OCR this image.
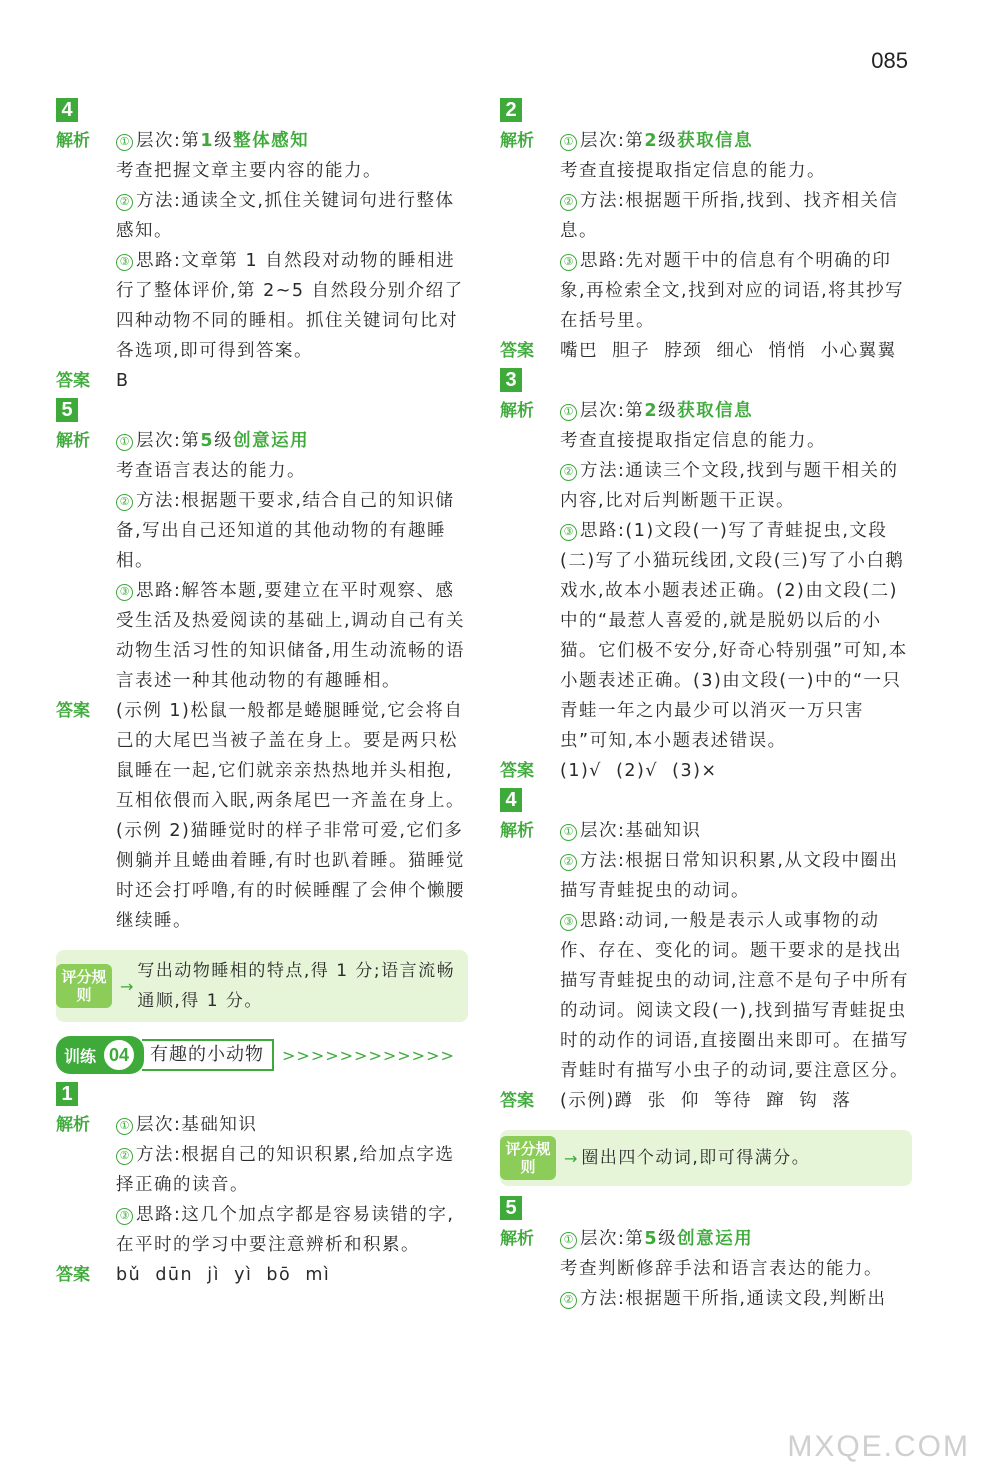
085
4
解析	① 层次:第1级整体感知

考查把握文章主要内容的能力。

② 方法:通读全文,抓住关键词句进行整体感知。

③ 思路:文章第 1 自然段对动物的睡相进行了整体评价,第 2~5 自然段分别介绍了四种动物不同的睡相。抓住关键词句比对各选项,即可得到答案。

答案	B
5
解析	① 层次:第5级创意运用

考查语言表达的能力。

② 方法:根据题干要求,结合自己的知识储备,写出自己还知道的其他动物的有趣睡相。

③ 思路:解答本题,要建立在平时观察、感受生活及热爱阅读的基础上,调动自己有关动物生活习性的知识储备,用生动流畅的语言表述一种其他动物的有趣睡相。

答案	(示例 1)松鼠一般都是蜷腿睡觉,它会将自己的大尾巴当被子盖在身上。要是两只松鼠睡在一起,它们就亲亲热热地并头相抱,互相依偎而入眠,两条尾巴一齐盖在身上。

(示例 2)猫睡觉时的样子非常可爱,它们多侧躺并且蜷曲着睡,有时也趴着睡。猫睡觉时还会打呼噜,有的时候睡醒了会伸个懒腰继续睡。

评分规则	→
写出动物睡相的特点,得 1 分;语言流畅通顺,得 1 分。
训练 04	有趣的小动物	>>>>>>>>>>>>
1
解析	① 层次:基础知识

② 方法:根据自己的知识积累,给加点字选择正确的读音。

③ 思路:这几个加点字都是容易读错的字,在平时的学习中要注意辨析和积累。

答案	bǔ  dūn  jì  yì  bō  mì
2
解析	① 层次:第2级获取信息

考查直接提取指定信息的能力。

② 方法:根据题干所指,找到、找齐相关信息。

③ 思路:先对题干中的信息有个明确的印象,再检索全文,找到对应的词语,将其抄写在括号里。

答案	嘴巴  胆子  脖颈  细心  悄悄  小心翼翼
3
解析	① 层次:第2级获取信息

考查直接提取指定信息的能力。

② 方法:通读三个文段,找到与题干相关的内容,比对后判断题干正误。

③ 思路:(1)文段(一)写了青蛙捉虫,文段(二)写了小猫玩线团,文段(三)写了小白鹅戏水,故本小题表述正确。(2)由文段(二)中的“最惹人喜爱的,就是脱奶以后的小猫。它们极不安分,好奇心特别强”可知,本小题表述正确。(3)由文段(一)中的“一只青蛙一年之内最少可以消灭一万只害虫”可知,本小题表述错误。

答案	(1)√  (2)√  (3)×
4
解析	① 层次:基础知识

② 方法:根据日常知识积累,从文段中圈出描写青蛙捉虫的动词。

③ 思路:动词,一般是表示人或事物的动作、存在、变化的词。题干要求的是找出描写青蛙捉虫的动词,注意不是句子中所有的动词。阅读文段(一),找到描写青蛙捉虫时的动作的词语,直接圈出来即可。在描写青蛙时有描写小虫子的动词,要注意区分。

答案	(示例)蹲  张  仰  等待  蹿  钩  落
评分规则	→ 圈出四个动词,即可得满分。
5
解析	① 层次:第5级创意运用

考查判断修辞手法和语言表达的能力。

② 方法:根据题干所指,通读文段,判断出

MXQE.COM
